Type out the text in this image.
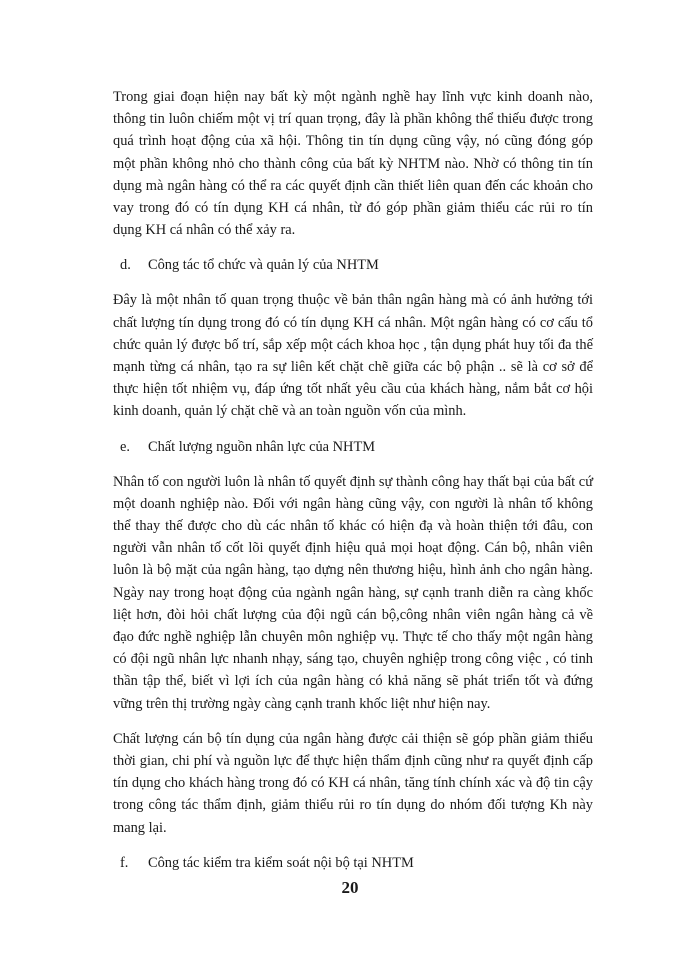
Trong giai đoạn hiện nay bất kỳ một ngành nghề hay lĩnh vực kinh doanh nào, thông tin luôn chiếm một vị trí quan trọng, đây là phần không thể thiếu được trong quá trình hoạt động của xã hội. Thông tin tín dụng cũng vậy, nó cũng đóng góp một phần không nhỏ cho thành công của bất kỳ NHTM nào. Nhờ có thông tin tín dụng mà ngân hàng có thể ra các quyết định cần thiết liên quan đến các khoản cho vay trong đó có tín dụng KH cá nhân, từ đó góp phần giảm thiểu các rủi ro tín dụng KH cá nhân có thể xảy ra.

d.	Công tác tổ chức và quản lý của NHTM

Đây là một nhân tố quan trọng thuộc về bản thân ngân hàng mà có ảnh hưởng tới chất lượng tín dụng trong đó có tín dụng KH cá nhân. Một ngân hàng có cơ cấu tổ chức quản lý được bố trí, sắp xếp một cách khoa học , tận dụng phát huy tối đa thế mạnh từng cá nhân, tạo ra sự liên kết chặt chẽ giữa các bộ phận .. sẽ là cơ sở để thực hiện tốt nhiệm vụ, đáp ứng tốt nhất yêu cầu của khách hàng, nắm bắt cơ hội kinh doanh, quản lý chặt chẽ và an toàn nguồn vốn của mình.

e.	Chất lượng nguồn nhân lực của NHTM

Nhân tố con người luôn là nhân tố quyết định sự thành công hay thất bại của bất cứ một doanh nghiệp nào. Đối với ngân hàng cũng vậy, con người là nhân tố không thể thay thế được cho dù các nhân tố khác có hiện đạ và hoàn thiện tới đâu, con người vẫn nhân tố cốt lõi quyết định hiệu quả mọi hoạt động. Cán bộ, nhân viên luôn là bộ mặt của ngân hàng, tạo dựng nên thương hiệu, hình ảnh cho ngân hàng. Ngày nay trong hoạt động của ngành ngân hàng, sự cạnh tranh diễn ra càng khốc liệt hơn, đòi hỏi chất lượng của đội ngũ cán bộ,công nhân viên ngân hàng cả về đạo đức nghề nghiệp lẫn chuyên môn nghiệp vụ. Thực tế cho thấy một ngân hàng có đội ngũ nhân lực nhanh nhạy, sáng tạo, chuyên nghiệp trong công việc , có tinh thần tập thể, biết vì lợi ích của ngân hàng có khả năng sẽ phát triển tốt và đứng vững trên thị trường ngày càng cạnh tranh khốc liệt như hiện nay.

Chất lượng cán bộ tín dụng của ngân hàng được cải thiện sẽ góp phần giảm thiểu thời gian, chi phí và nguồn lực để thực hiện thẩm định cũng như ra quyết định cấp tín dụng cho khách hàng trong đó có KH cá nhân, tăng tính chính xác và độ tin cậy trong công tác thẩm định, giảm thiểu rủi ro tín dụng do nhóm đối tượng Kh này mang lại.

f.	Công tác kiểm tra kiểm soát nội bộ tại NHTM
20
